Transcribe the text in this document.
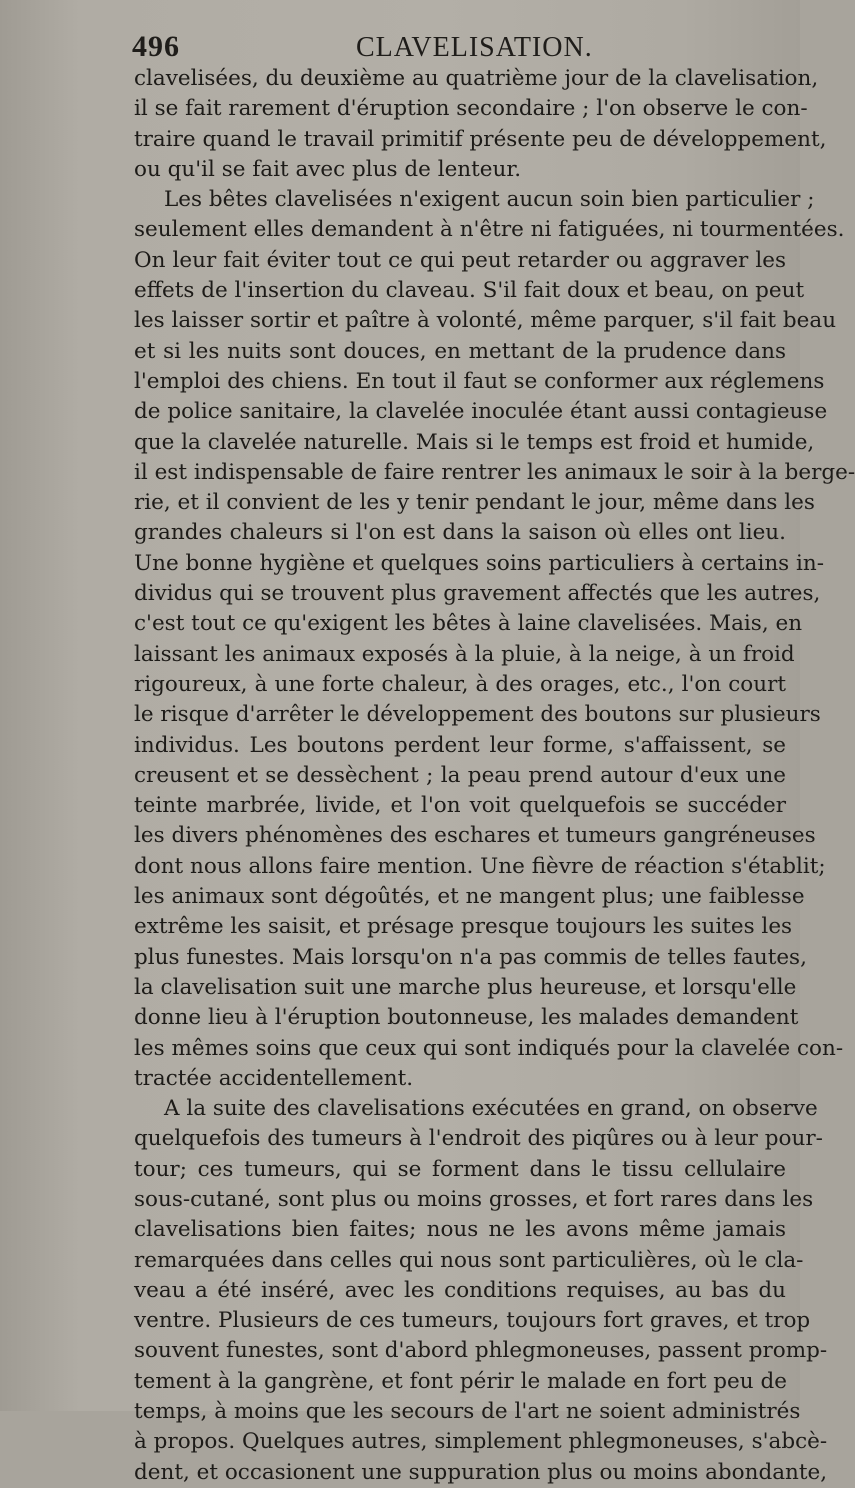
496	CLAVELISATION.
clavelisées, du deuxième au quatrième jour de la clavelisation,
il se fait rarement d'éruption secondaire ; l'on observe le con-
traire quand le travail primitif présente peu de développement,
ou qu'il se fait avec plus de lenteur.
Les bêtes clavelisées n'exigent aucun soin bien particulier ;
seulement elles demandent à n'être ni fatiguées, ni tourmentées.
On leur fait éviter tout ce qui peut retarder ou aggraver les
effets de l'insertion du claveau. S'il fait doux et beau, on peut
les laisser sortir et paître à volonté, même parquer, s'il fait beau
et si les nuits sont douces, en mettant de la prudence dans
l'emploi des chiens. En tout il faut se conformer aux réglemens
de police sanitaire, la clavelée inoculée étant aussi contagieuse
que la clavelée naturelle. Mais si le temps est froid et humide,
il est indispensable de faire rentrer les animaux le soir à la berge-
rie, et il convient de les y tenir pendant le jour, même dans les
grandes chaleurs si l'on est dans la saison où elles ont lieu.
Une bonne hygiène et quelques soins particuliers à certains in-
dividus qui se trouvent plus gravement affectés que les autres,
c'est tout ce qu'exigent les bêtes à laine clavelisées. Mais, en
laissant les animaux exposés à la pluie, à la neige, à un froid
rigoureux, à une forte chaleur, à des orages, etc., l'on court
le risque d'arrêter le développement des boutons sur plusieurs
individus. Les boutons perdent leur forme, s'affaissent, se
creusent et se dessèchent ; la peau prend autour d'eux une
teinte marbrée, livide, et l'on voit quelquefois se succéder
les divers phénomènes des eschares et tumeurs gangréneuses
dont nous allons faire mention. Une fièvre de réaction s'établit;
les animaux sont dégoûtés, et ne mangent plus; une faiblesse
extrême les saisit, et présage presque toujours les suites les
plus funestes. Mais lorsqu'on n'a pas commis de telles fautes,
la clavelisation suit une marche plus heureuse, et lorsqu'elle
donne lieu à l'éruption boutonneuse, les malades demandent
les mêmes soins que ceux qui sont indiqués pour la clavelée con-
tractée accidentellement.
A la suite des clavelisations exécutées en grand, on observe
quelquefois des tumeurs à l'endroit des piqûres ou à leur pour-
tour; ces tumeurs, qui se forment dans le tissu cellulaire
sous-cutané, sont plus ou moins grosses, et fort rares dans les
clavelisations bien faites; nous ne les avons même jamais
remarquées dans celles qui nous sont particulières, où le cla-
veau a été inséré, avec les conditions requises, au bas du
ventre. Plusieurs de ces tumeurs, toujours fort graves, et trop
souvent funestes, sont d'abord phlegmoneuses, passent promp-
tement à la gangrène, et font périr le malade en fort peu de
temps, à moins que les secours de l'art ne soient administrés
à propos. Quelques autres, simplement phlegmoneuses, s'abcè-
dent, et occasionent une suppuration plus ou moins abondante,
